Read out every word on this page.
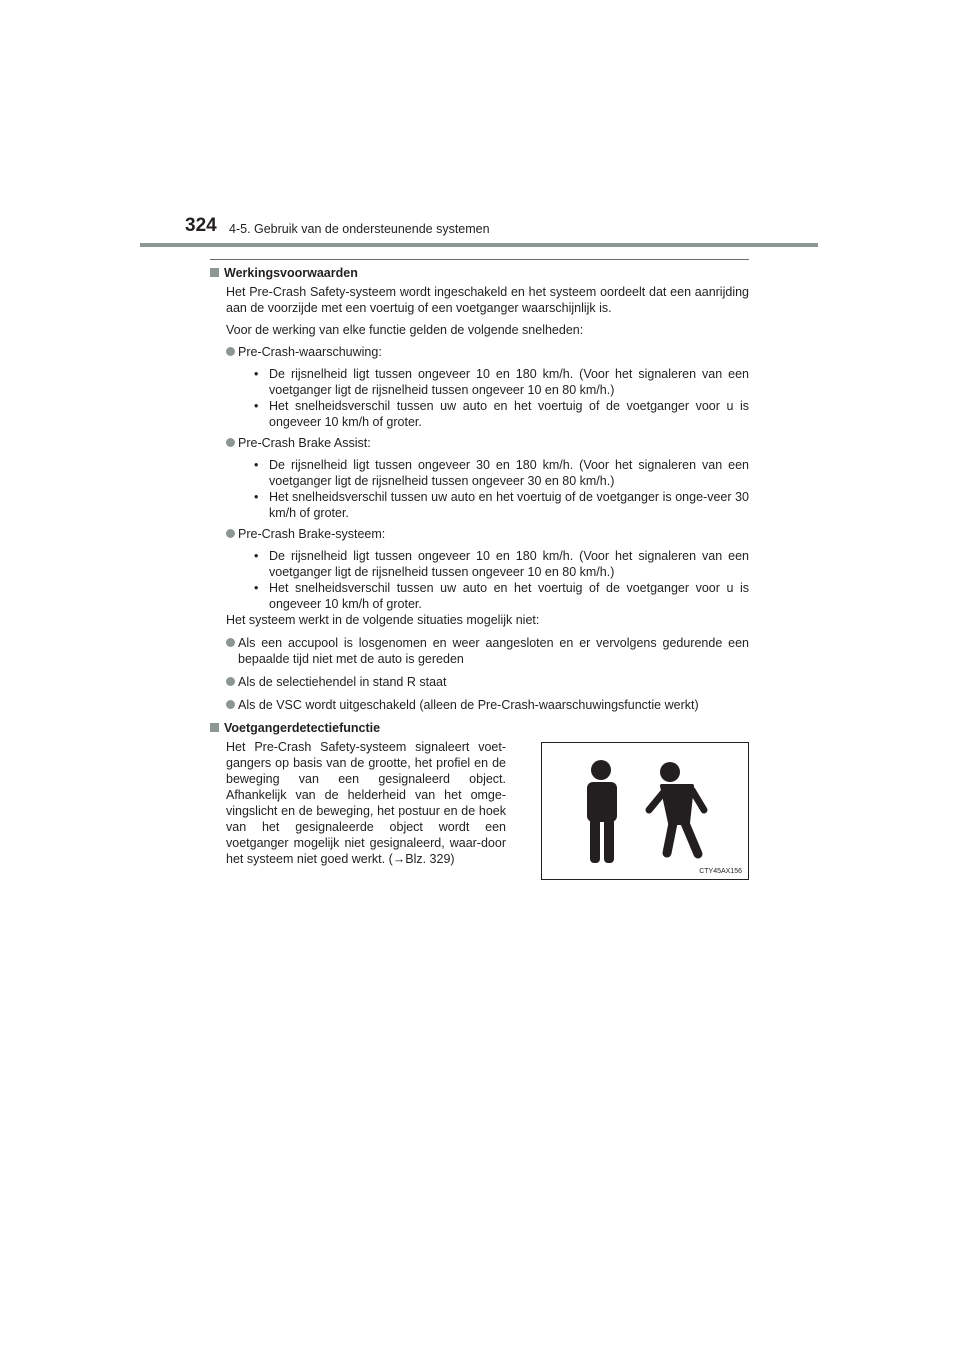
324 4-5. Gebruik van de ondersteunende systemen
Werkingsvoorwaarden
Het Pre-Crash Safety-systeem wordt ingeschakeld en het systeem oordeelt dat een aanrijding aan de voorzijde met een voertuig of een voetganger waarschijnlijk is.
Voor de werking van elke functie gelden de volgende snelheden:
Pre-Crash-waarschuwing:
• De rijsnelheid ligt tussen ongeveer 10 en 180 km/h. (Voor het signaleren van een voetganger ligt de rijsnelheid tussen ongeveer 10 en 80 km/h.)
• Het snelheidsverschil tussen uw auto en het voertuig of de voetganger voor u is ongeveer 10 km/h of groter.
Pre-Crash Brake Assist:
• De rijsnelheid ligt tussen ongeveer 30 en 180 km/h. (Voor het signaleren van een voetganger ligt de rijsnelheid tussen ongeveer 30 en 80 km/h.)
• Het snelheidsverschil tussen uw auto en het voertuig of de voetganger is onge-veer 30 km/h of groter.
Pre-Crash Brake-systeem:
• De rijsnelheid ligt tussen ongeveer 10 en 180 km/h. (Voor het signaleren van een voetganger ligt de rijsnelheid tussen ongeveer 10 en 80 km/h.)
• Het snelheidsverschil tussen uw auto en het voertuig of de voetganger voor u is ongeveer 10 km/h of groter.
Het systeem werkt in de volgende situaties mogelijk niet:
Als een accupool is losgenomen en weer aangesloten en er vervolgens gedurende een bepaalde tijd niet met de auto is gereden
Als de selectiehendel in stand R staat
Als de VSC wordt uitgeschakeld (alleen de Pre-Crash-waarschuwingsfunctie werkt)
Voetgangerdetectiefunctie
Het Pre-Crash Safety-systeem signaleert voet-gangers op basis van de grootte, het profiel en de beweging van een gesignaleerd object. Afhankelijk van de helderheid van het omge-vingslicht en de beweging, het postuur en de hoek van het gesignaleerde object wordt een voetganger mogelijk niet gesignaleerd, waar-door het systeem niet goed werkt. (→Blz. 329)
CTY45AX156
